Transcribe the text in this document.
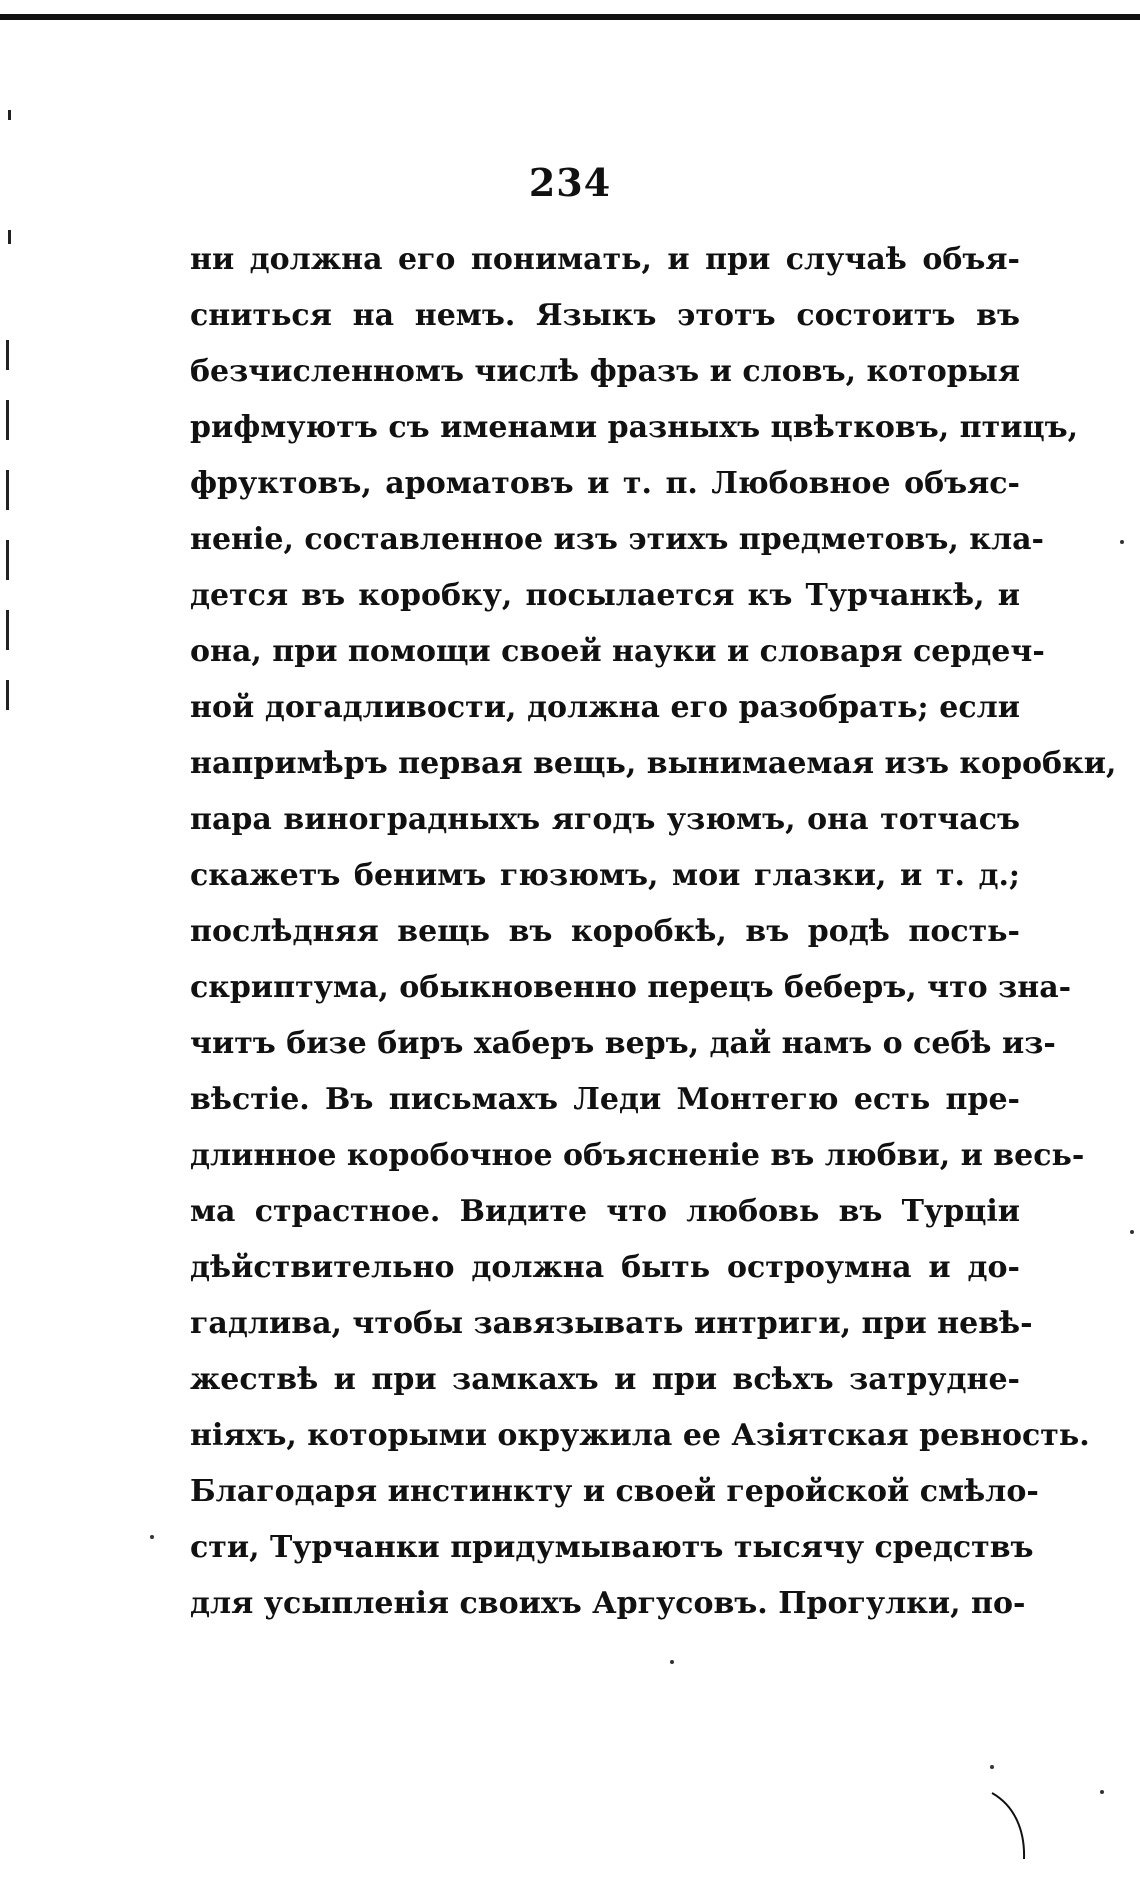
234
ни должна его понимать, и при случаѣ объя-
сниться на немъ. Языкъ этотъ состоитъ въ
безчисленномъ числѣ фразъ и словъ, которыя
рифмуютъ съ именами разныхъ цвѣтковъ, птицъ,
фруктовъ, ароматовъ и т. п. Любовное объяс-
ненiе, составленное изъ этихъ предметовъ, кла-
дется въ коробку, посылается къ Турчанкѣ, и
она, при помощи своей науки и словаря сердеч-
ной догадливости, должна его разобрать; если
напримѣръ первая вещь, вынимаемая изъ коробки,
пара виноградныхъ ягодъ узюмъ, она тотчасъ
скажетъ бенимъ гюзюмъ, мои глазки, и т. д.;
послѣдняя вещь въ коробкѣ, въ родѣ пость-
скриптума, обыкновенно перецъ беберъ, что зна-
читъ бизе биръ хаберъ веръ, дай намъ о себѣ из-
вѣстiе. Въ письмахъ Леди Монтегю есть пре-
длинное коробочное объясненiе въ любви, и весь-
ма страстное. Видите что любовь въ Турцiи
дѣйствительно должна быть остроумна и до-
гадлива, чтобы завязывать интриги, при невѣ-
жествѣ и при замкахъ и при всѣхъ затрудне-
нiяхъ, которыми окружила ее Азiятская ревность.
Благодаря инстинкту и своей геройской смѣло-
сти, Турчанки придумываютъ тысячу средствъ
для усыпленiя своихъ Аргусовъ. Прогулки, по-
